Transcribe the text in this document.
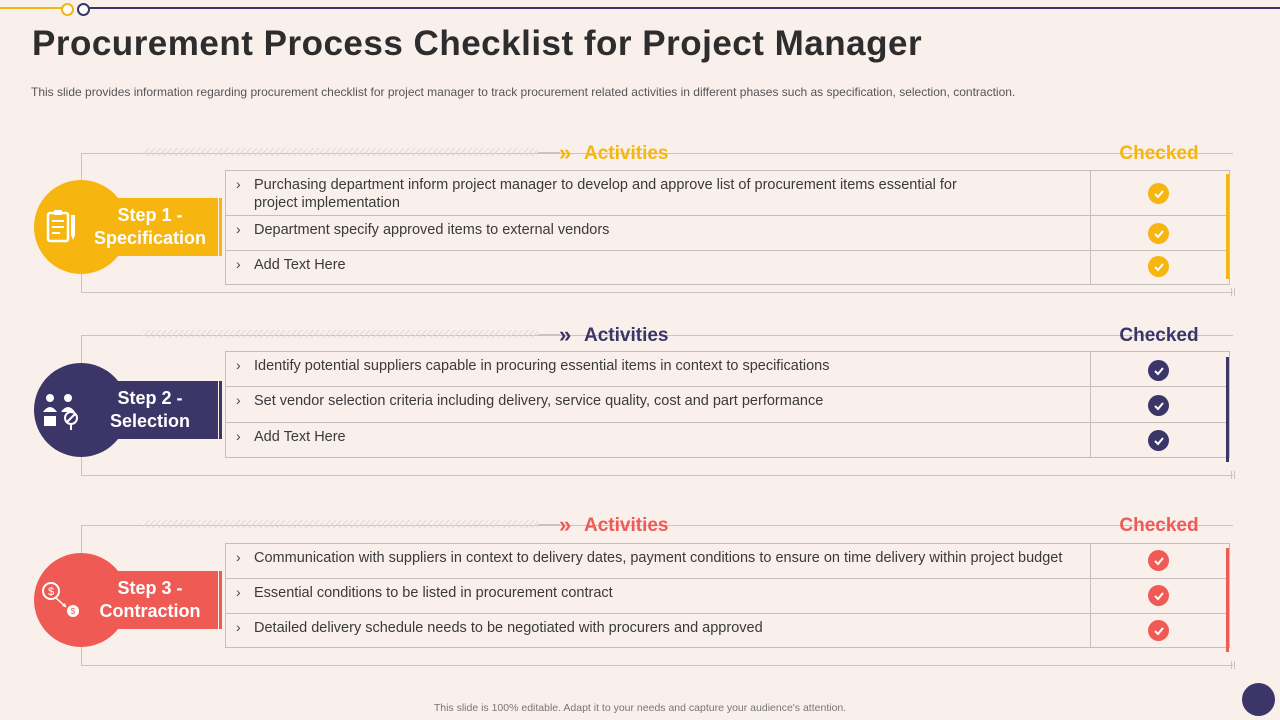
Procurement Process Checklist for Project Manager
This slide provides information regarding procurement checklist for project manager to track procurement related activities in different phases such as specification, selection, contraction.
» Activities	Checked
Step 1 - Specification
› Purchasing department inform project manager to develop and approve list of procurement items essential for project implementation
› Department specify approved items to external vendors
› Add Text Here
» Activities	Checked
Step 2 - Selection
› Identify potential suppliers capable in procuring essential items in context to specifications
› Set vendor selection criteria including delivery, service quality, cost and part performance
› Add Text Here
» Activities	Checked
$
$
Step 3 - Contraction
› Communication with suppliers in context to delivery dates, payment conditions to ensure on time delivery within project budget
› Essential conditions to be listed in procurement contract
› Detailed delivery schedule needs to be negotiated with procurers and approved
This slide is 100% editable. Adapt it to your needs and capture your audience's attention.
